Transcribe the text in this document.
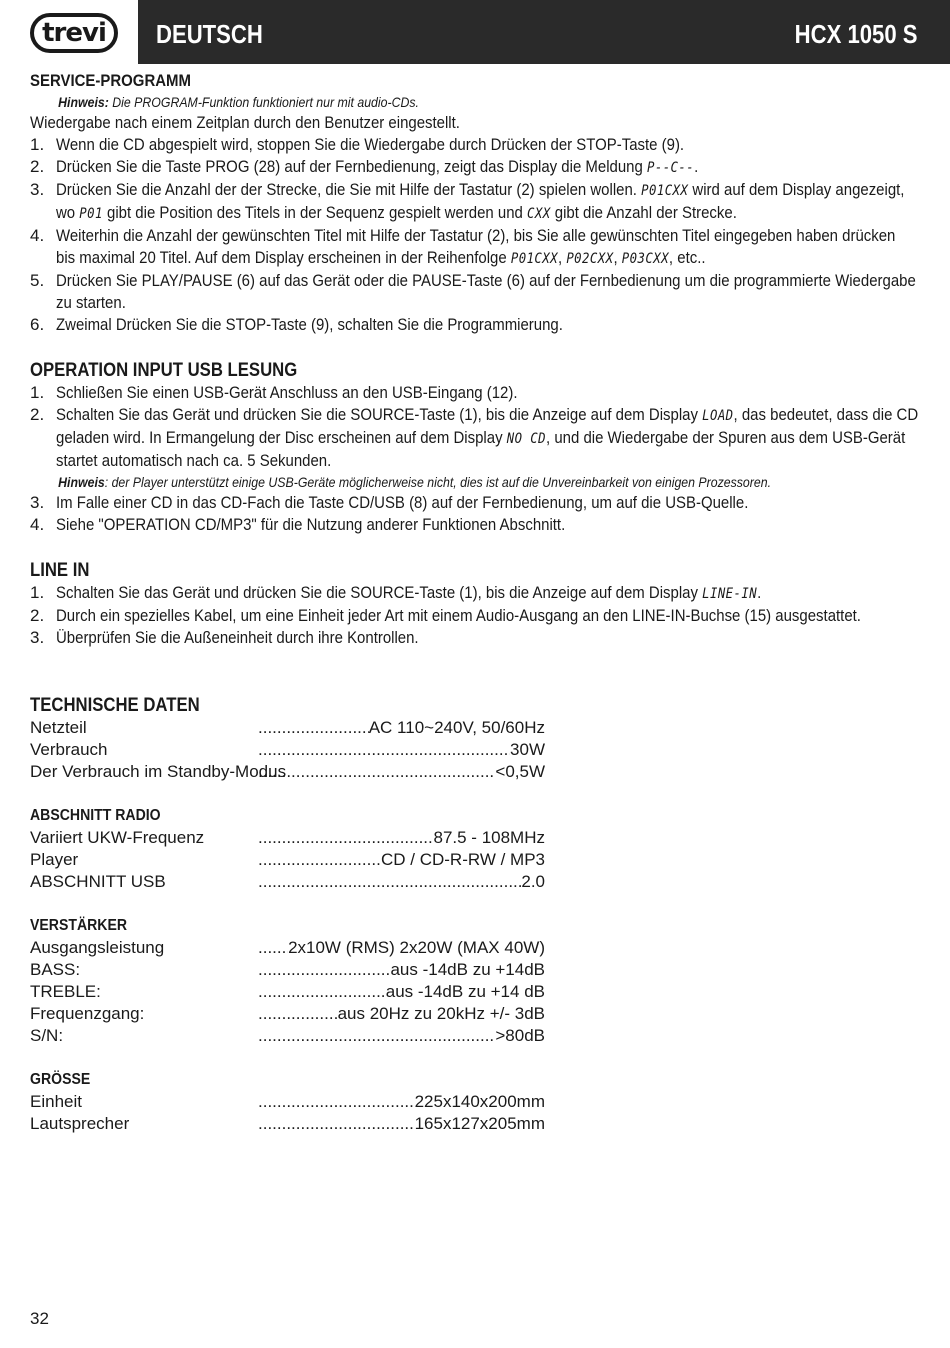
trevi	DEUTSCH	HCX 1050 S
SERVICE-PROGRAMM
Hinweis: Die PROGRAM-Funktion funktioniert nur mit audio-CDs.
Wiedergabe nach einem Zeitplan durch den Benutzer eingestellt.
1. Wenn die CD abgespielt wird, stoppen Sie die Wiedergabe durch Drücken der STOP-Taste (9).
2. Drücken Sie die Taste PROG (28) auf der Fernbedienung, zeigt das Display die Meldung P--C--.
3. Drücken Sie die Anzahl der der Strecke, die Sie mit Hilfe der Tastatur (2) spielen wollen. P01CXX wird auf dem Display angezeigt,
wo P01 gibt die Position des Titels in der Sequenz gespielt werden und CXX gibt die Anzahl der Strecke.
4. Weiterhin die Anzahl der gewünschten Titel mit Hilfe der Tastatur (2), bis Sie alle gewünschten Titel eingegeben haben drücken
bis maximal 20 Titel. Auf dem Display erscheinen in der Reihenfolge P01CXX, P02CXX, P03CXX, etc..
5. Drücken Sie PLAY/PAUSE (6) auf das Gerät oder die PAUSE-Taste (6) auf der Fernbedienung um die programmierte Wiedergabe
zu starten.
6. Zweimal Drücken Sie die STOP-Taste (9), schalten Sie die Programmierung.
OPERATION INPUT USB LESUNG
1. Schließen Sie einen USB-Gerät Anschluss an den USB-Eingang (12).
2. Schalten Sie das Gerät und drücken Sie die SOURCE-Taste (1), bis die Anzeige auf dem Display LOAD, das bedeutet, dass die CD
geladen wird. In Ermangelung der Disc erscheinen auf dem Display NO CD, und die Wiedergabe der Spuren aus dem USB-Gerät
startet automatisch nach ca. 5 Sekunden.
Hinweis: der Player unterstützt einige USB-Geräte möglicherweise nicht, dies ist auf die Unvereinbarkeit von einigen Prozessoren.
3. Im Falle einer CD in das CD-Fach die Taste CD/USB (8) auf der Fernbedienung, um auf die USB-Quelle.
4. Siehe "OPERATION CD/MP3" für die Nutzung anderer Funktionen Abschnitt.
LINE IN
1. Schalten Sie das Gerät und drücken Sie die SOURCE-Taste (1), bis die Anzeige auf dem Display LINE-IN.
2. Durch ein spezielles Kabel, um eine Einheit jeder Art mit einem Audio-Ausgang an den LINE-IN-Buchse (15) ausgestattet.
3. Überprüfen Sie die Außeneinheit durch ihre Kontrollen.
TECHNISCHE DATEN
Netzteil .....	AC 110~240V, 50/60Hz
Verbrauch .....	30W
Der Verbrauch im Standby-Modus .....	<0,5W
ABSCHNITT RADIO
Variiert UKW-Frequenz .....	87.5 - 108MHz
Player .....	CD / CD-R-RW / MP3
ABSCHNITT USB .....	2.0
VERSTÄRKER
Ausgangsleistung .....	2x10W (RMS) 2x20W (MAX 40W)
BASS: .....	aus -14dB zu +14dB
TREBLE: .....	aus -14dB zu +14 dB
Frequenzgang: .....	aus 20Hz zu 20kHz +/- 3dB
S/N: .....	>80dB
GRÖSSE
Einheit .....	225x140x200mm
Lautsprecher .....	165x127x205mm
32
